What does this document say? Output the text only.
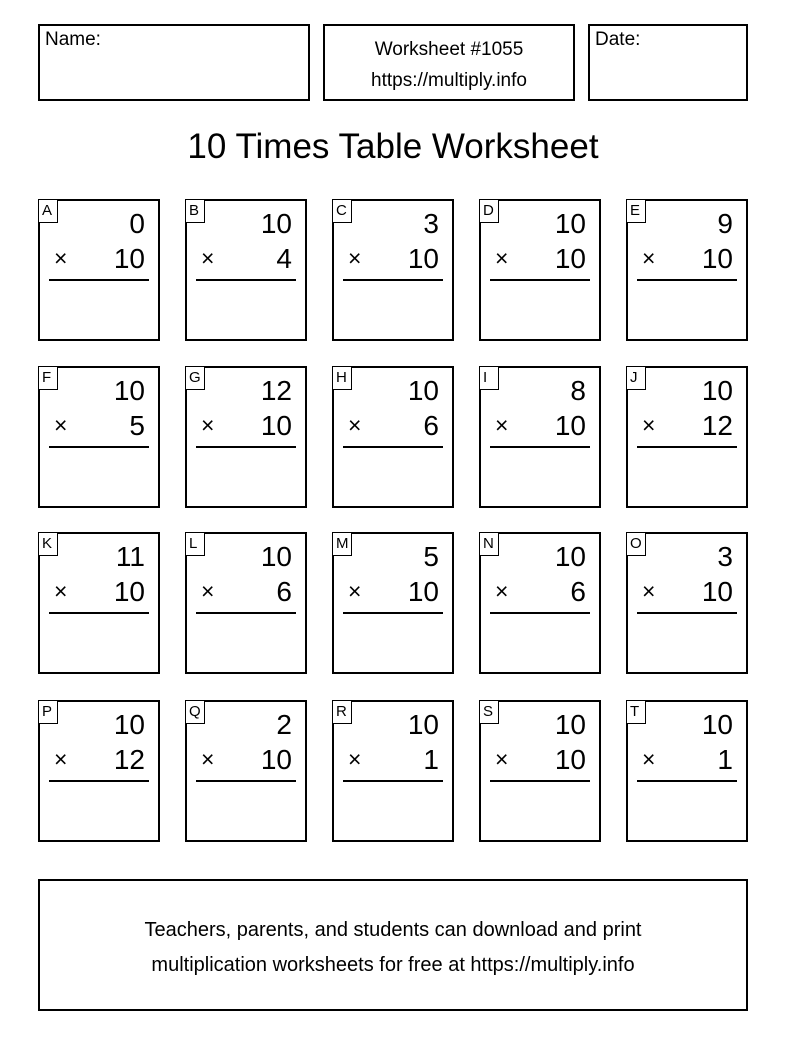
Name:	Worksheet #1055
https://multiply.info
Date:
10 Times Table Worksheet
A	0
× 10
B 10
× 4
C	3
× 10
D 10
× 10
E	9
× 10
F 10
× 5
G 12
× 10
H 10
× 6
I	8
× 10
J	10
× 12
K 11
× 10
L 10
× 6
M	5
× 10
N 10
× 6
O	3
× 10
P 10
× 12
Q	2
× 10
R 10
× 1
S 10
× 10
T 10
× 1
Teachers, parents, and students can download and print
multiplication worksheets for free at https://multiply.info
